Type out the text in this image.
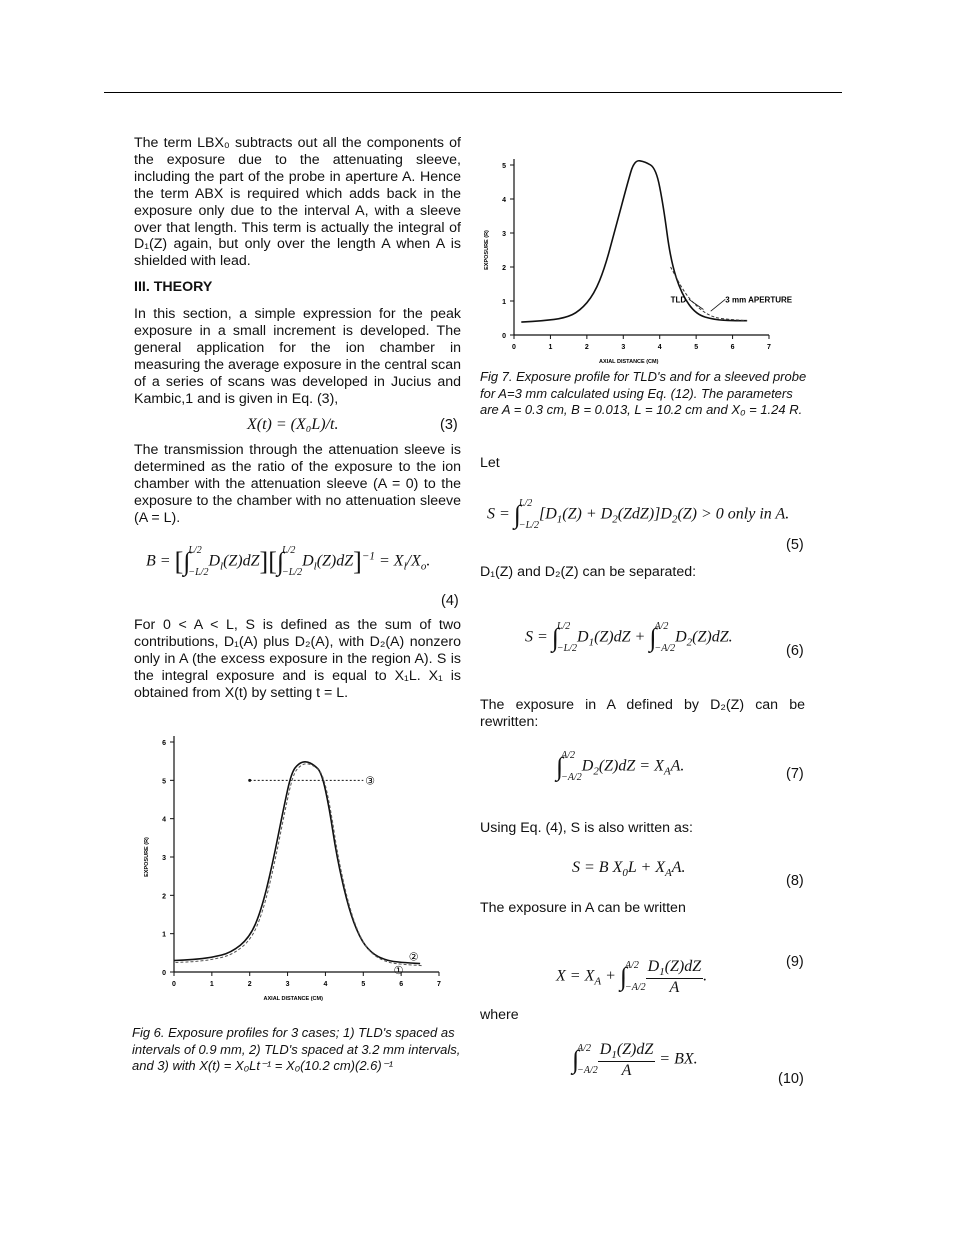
The term LBX₀ subtracts out all the components of the exposure due to the attenuating sleeve, including the part of the probe in aperture A. Hence the term ABX is required which adds back in the exposure only due to the interval A, with a sleeve over that length. This term is actually the integral of D₁(Z) again, but only over the length A when A is shielded with lead.
III. THEORY
In this section, a simple expression for the peak exposure in a small increment is developed. The general application for the ion chamber in measuring the average exposure in the central scan of a series of scans was developed in Jucius and Kambic,1 and is given in Eq. (3),
X(t) = (X₀L)/t.	(3)
The transmission through the attenuation sleeve is determined as the ratio of the exposure to the ion chamber with the attenuation sleeve (A = 0) to the exposure to the chamber with no attenuation sleeve (A = L).
B = [∫
L/2
−L/2
$D_l(Z)dZ][\int$
L/2
−L/2
$D_l(Z)dZ]^{-1} = X_l/X_o$.
(4)
For 0 < A < L, S is defined as the sum of two contributions, D₁(A) plus D₂(A), with D₂(A) nonzero only in A (the excess exposure in the region A). S is the integral exposure and is equal to X₁L. X₁ is obtained from X(t) by setting t = L.
0	1	2	3	4	5	6	7
0
1
2
3
4
5
6
AXIAL DISTANCE (CM)
EXPOSURE (R)
③
①
②
Fig 6. Exposure profiles for 3 cases; 1) TLD's spaced as intervals of 0.9 mm, 2) TLD's spaced at 3.2 mm intervals, and 3) with X(t) = X₀Lt⁻¹ = X₀(10.2 cm)(2.6)⁻¹
0	1	2	3	4	5	6	7
0
1
2
3
4
5
AXIAL DISTANCE (CM)
EXPOSURE (R)
TLD	3 mm APERTURE
Fig 7. Exposure profile for TLD's and for a sleeved probe for A=3 mm calculated using Eq. (12). The parameters are A = 0.3 cm, B = 0.013, L = 10.2 cm and X₀ = 1.24 R.
Let
S = ∫
L/2
−L/2
$[D_1(Z) + D_2(ZdZ)]D_2(Z) > 0$ only in A.
(5)
D₁(Z) and D₂(Z) can be separated:
S = ∫
L/2
−L/2
$D_1(Z)dZ$ + ∫
A/2
−A/2
$D_2(Z)dZ$.
(6)
The exposure in A defined by D₂(Z) can be rewritten:
∫
A/2
−A/2
$D_2(Z)dZ = X_AA$.	(7)
Using Eq. (4), S is also written as:
S = B $X_0L + X_AA$.
(8)
The exposure in A can be written
$X = X_A$ + ∫
A/2
$-A/2 \frac{D_1(Z)dZ}{A}$ .
(9)
where
∫
A/2
$-A/2 \frac{D_1(Z)dZ}{A}$ = BX.
(10)
